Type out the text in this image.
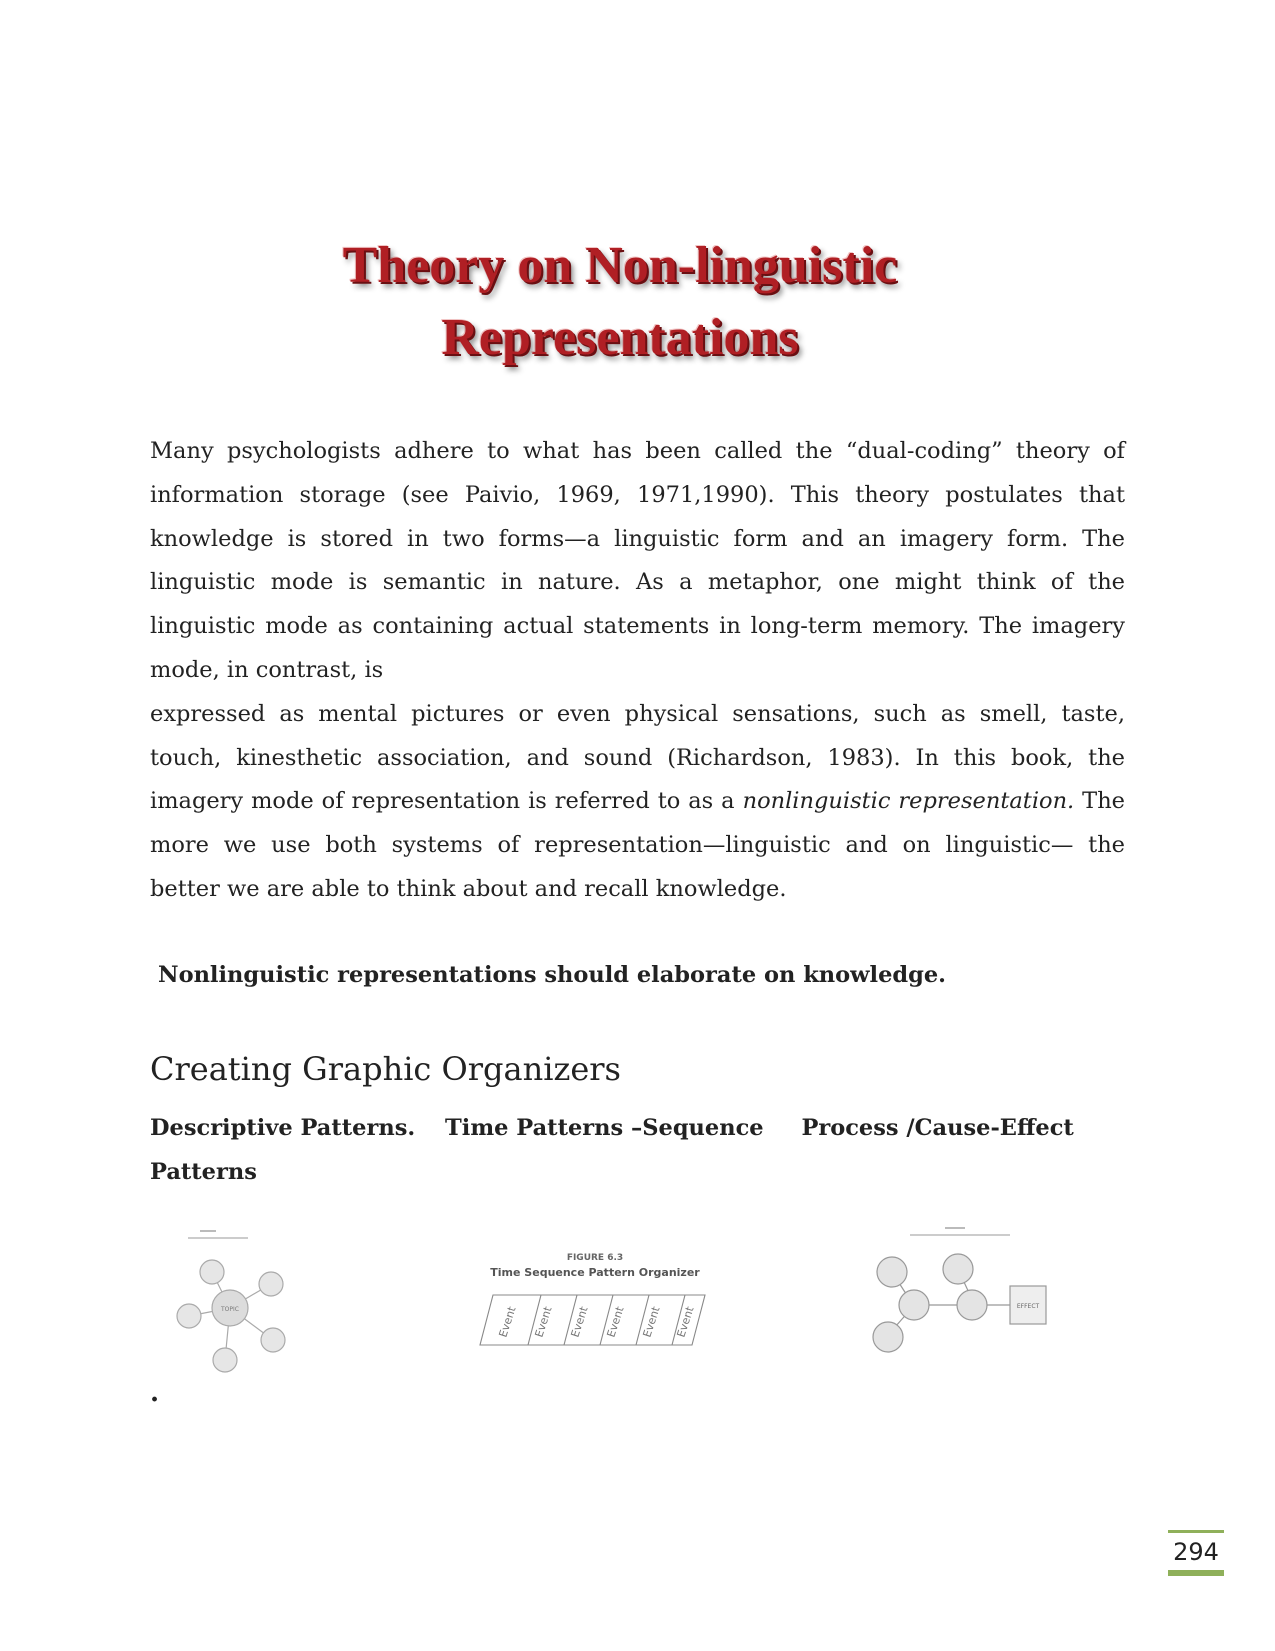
Theory on Non-linguistic
Representations

Many psychologists adhere to what has been called the “dual-coding” theory of information storage (see Paivio, 1969, 1971,1990). This theory postulates that knowledge is stored in two forms—a linguistic form and an imagery form. The linguistic mode is semantic in nature. As a metaphor, one might think of the linguistic mode as containing actual statements in long-term memory. The imagery mode, in contrast, is

expressed as mental pictures or even physical sensations, such as smell, taste, touch, kinesthetic association, and sound (Richardson, 1983). In this book, the imagery mode of representation is referred to as a nonlinguistic representation. The more we use both systems of representation—linguistic and on linguistic— the better we are able to think about and recall knowledge.

Nonlinguistic representations should elaborate on knowledge.
Creating Graphic Organizers
Descriptive Patterns. Time Patterns –Sequence Process /Cause-Effect
Patterns
TOPIC
FIGURE 6.3
Time Sequence Pattern Organizer
Event Event Event Event Event Event	EFFECT
.
294
